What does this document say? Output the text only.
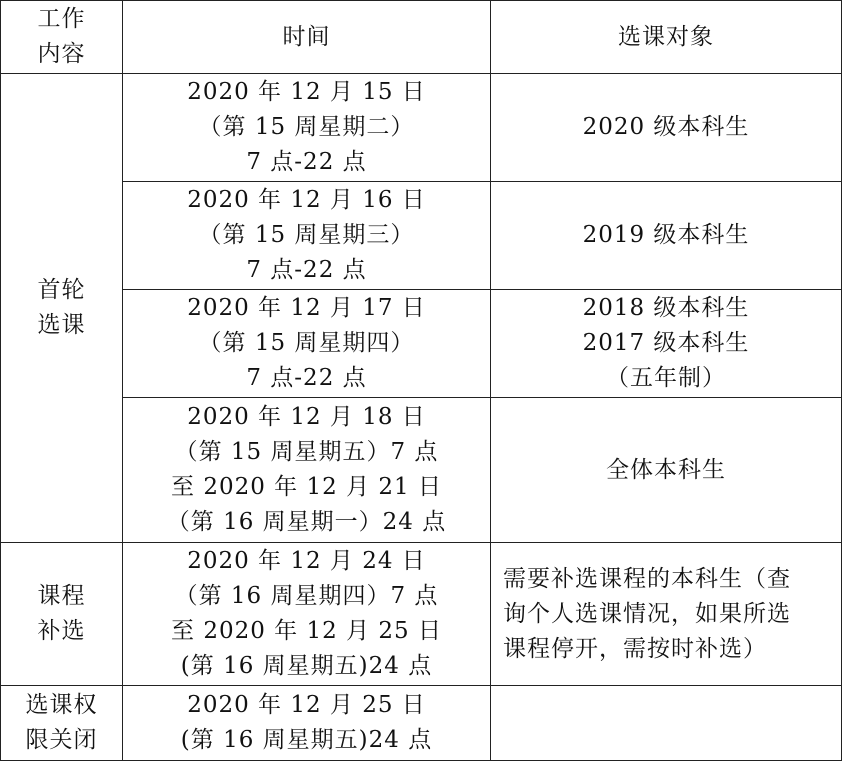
工作
内容	时间	选课对象

首轮
选课	2020 年 12 月 15 日
（第 15 周星期二）
7 点-22 点	2020 级本科生

	2020 年 12 月 16 日
（第 15 周星期三）
7 点-22 点	2019 级本科生

	2020 年 12 月 17 日
（第 15 周星期四）
7 点-22 点	2018 级本科生
2017 级本科生
（五年制）

	2020 年 12 月 18 日
（第 15 周星期五）7 点
至 2020 年 12 月 21 日
（第 16 周星期一）24 点	全体本科生

课程
补选	2020 年 12 月 24 日
（第 16 周星期四）7 点
至 2020 年 12 月 25 日
(第 16 周星期五)24 点	需要补选课程的本科生（查
询个人选课情况，如果所选
课程停开，需按时补选）

选课权
限关闭	2020 年 12 月 25 日
(第 16 周星期五)24 点	
